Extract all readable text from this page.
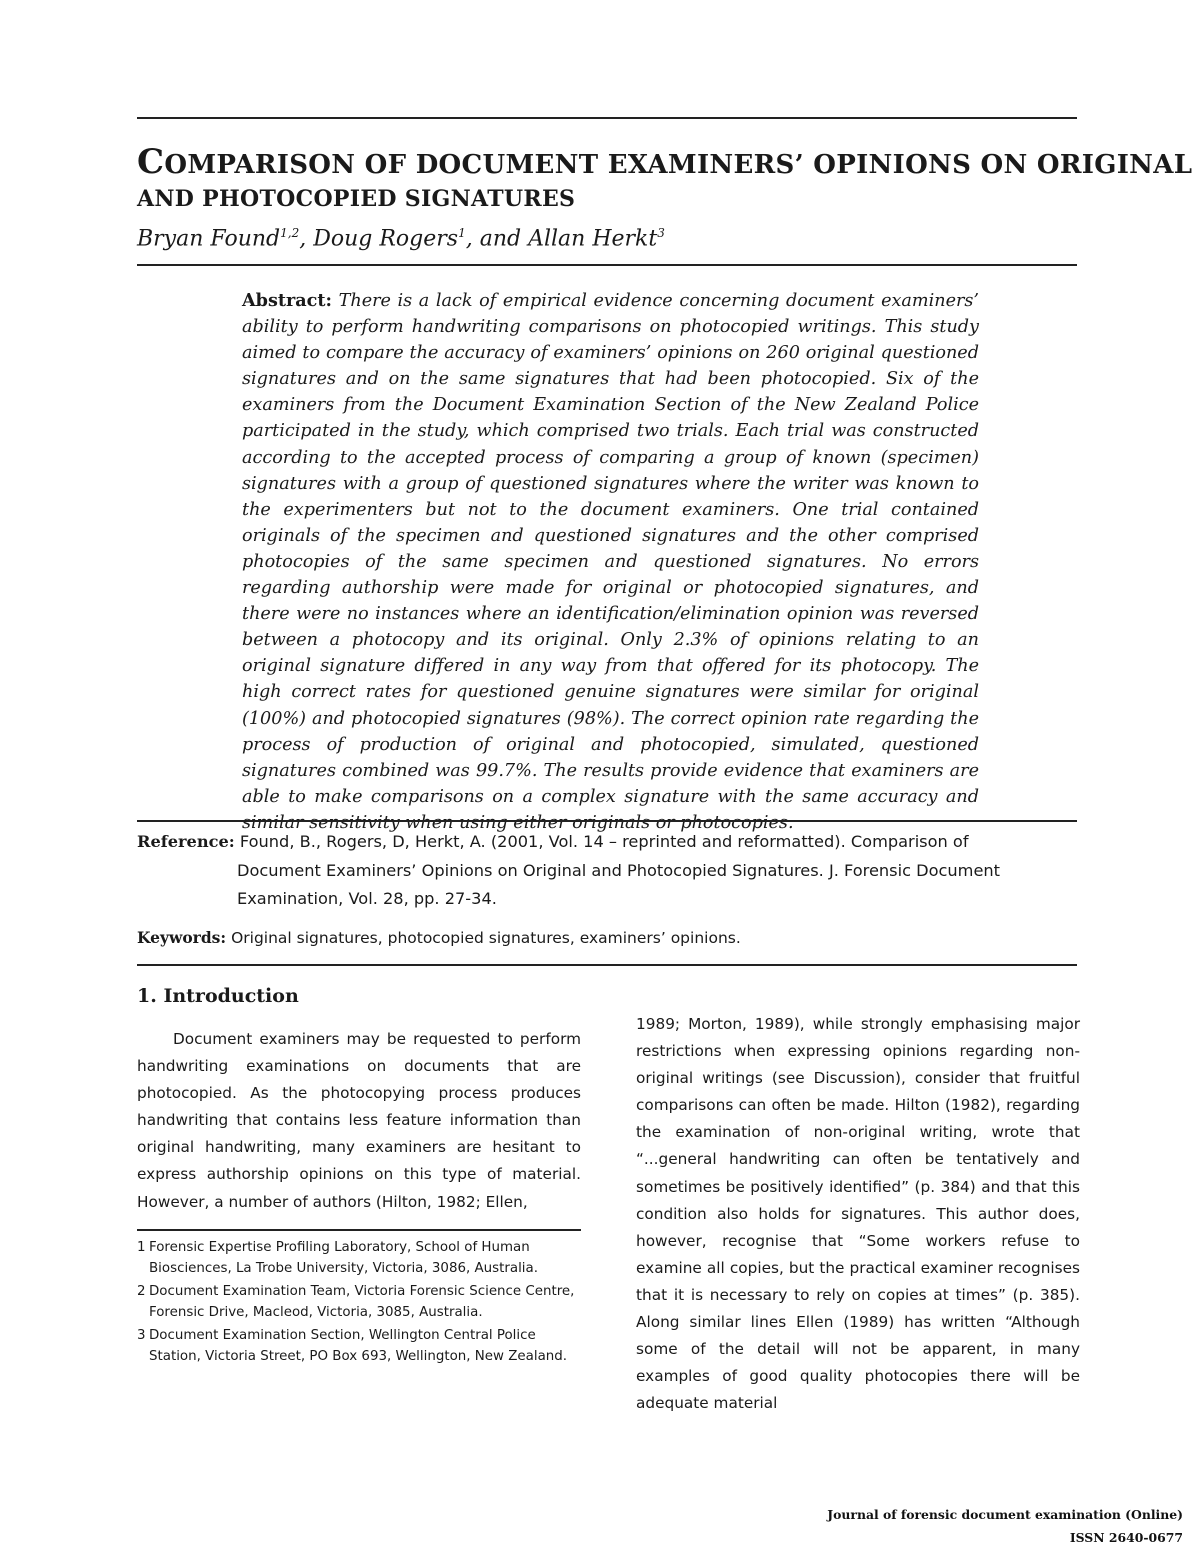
COMPARISON OF DOCUMENT EXAMINERS’ OPINIONS ON ORIGINAL
AND PHOTOCOPIED SIGNATURES
Bryan Found$^{1,2}$, Doug Rogers$^1$, and Allan Herkt$^3$

Abstract: There is a lack of empirical evidence concerning document examiners’ ability to perform handwriting comparisons on photocopied writings. This study aimed to compare the accuracy of examiners’ opinions on 260 original questioned signatures and on the same signatures that had been photocopied. Six of the examiners from the Document Examination Section of the New Zealand Police participated in the study, which comprised two trials. Each trial was constructed according to the accepted process of comparing a group of known (specimen) signatures with a group of questioned signatures where the writer was known to the experimenters but not to the document examiners. One trial contained originals of the specimen and questioned signatures and the other comprised photocopies of the same specimen and questioned signatures. No errors regarding authorship were made for original or photocopied signatures, and there were no instances where an identification/elimination opinion was reversed between a photocopy and its original. Only 2.3% of opinions relating to an original signature differed in any way from that offered for its photocopy. The high correct rates for questioned genuine signatures were similar for original (100%) and photocopied signatures (98%). The correct opinion rate regarding the process of production of original and photocopied, simulated, questioned signatures combined was 99.7%. The results provide evidence that examiners are able to make comparisons on a complex signature with the same accuracy and similar sensitivity when using either originals or photocopies.

Reference: Found, B., Rogers, D, Herkt, A. (2001, Vol. 14 – reprinted and reformatted). Comparison of
Document Examiners’ Opinions on Original and Photocopied Signatures. J. Forensic Document
Examination, Vol. 28, pp. 27-34.
Keywords: Original signatures, photocopied signatures, examiners’ opinions.
1. Introduction

Document examiners may be requested to perform handwriting examinations on documents that are photocopied. As the photocopying process produces handwriting that contains less feature information than original handwriting, many examiners are hesitant to express authorship opinions on this type of material. However, a number of authors (Hilton, 1982; Ellen,

1 Forensic Expertise Profiling Laboratory, School of Human Biosciences, La Trobe University, Victoria, 3086, Australia.
2 Document Examination Team, Victoria Forensic Science Centre, Forensic Drive, Macleod, Victoria, 3085, Australia.
3 Document Examination Section, Wellington Central Police Station, Victoria Street, PO Box 693, Wellington, New Zealand.

1989; Morton, 1989), while strongly emphasising major restrictions when expressing opinions regarding non-original writings (see Discussion), consider that fruitful comparisons can often be made. Hilton (1982), regarding the examination of non-original writing, wrote that “...general handwriting can often be tentatively and sometimes be positively identified” (p. 384) and that this condition also holds for signatures. This author does, however, recognise that “Some workers refuse to examine all copies, but the practical examiner recognises that it is necessary to rely on copies at times” (p. 385). Along similar lines Ellen (1989) has written “Although some of the detail will not be apparent, in many examples of good quality photocopies there will be adequate material

Journal of forensic document examination (Online)
ISSN 2640-0677
